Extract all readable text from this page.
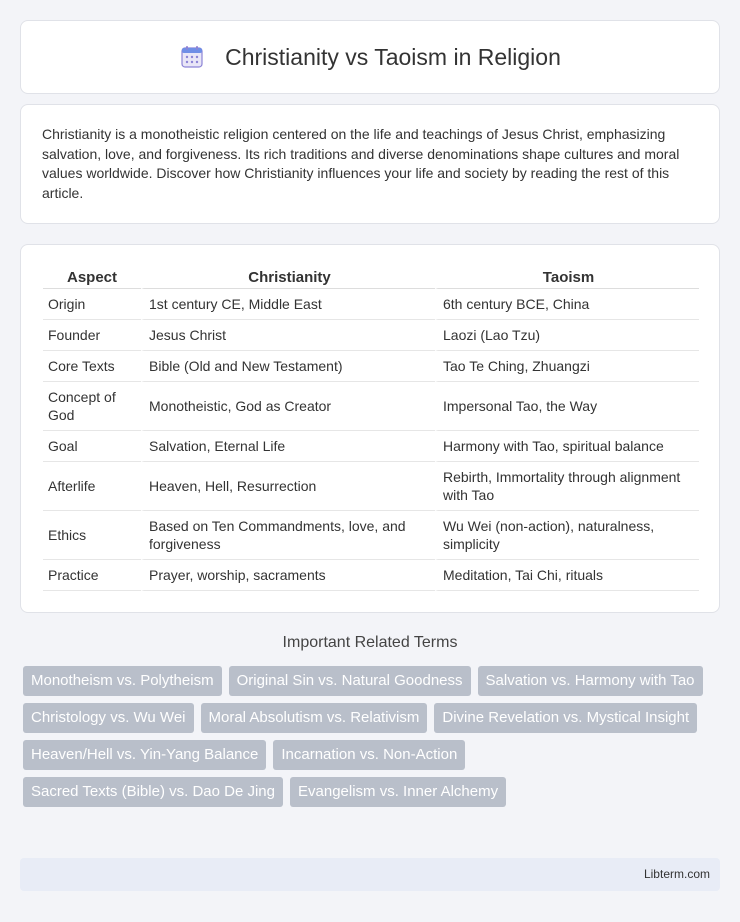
Christianity vs Taoism in Religion

Christianity is a monotheistic religion centered on the life and teachings of Jesus Christ, emphasizing salvation, love, and forgiveness. Its rich traditions and diverse denominations shape cultures and moral values worldwide. Discover how Christianity influences your life and society by reading the rest of this article.

Aspect	Christianity	Taoism
Origin	1st century CE, Middle East	6th century BCE, China
Founder	Jesus Christ	Laozi (Lao Tzu)
Core Texts	Bible (Old and New Testament)	Tao Te Ching, Zhuangzi
Concept of God	Monotheistic, God as Creator	Impersonal Tao, the Way
Goal	Salvation, Eternal Life	Harmony with Tao, spiritual balance
Afterlife	Heaven, Hell, Resurrection	Rebirth, Immortality through alignment with Tao
Ethics	Based on Ten Commandments, love, and forgiveness	Wu Wei (non-action), naturalness, simplicity
Practice	Prayer, worship, sacraments	Meditation, Tai Chi, rituals
Important Related Terms
Monotheism vs. Polytheism	Original Sin vs. Natural Goodness	Salvation vs. Harmony with Tao
Christology vs. Wu Wei	Moral Absolutism vs. Relativism	Divine Revelation vs. Mystical Insight
Heaven/Hell vs. Yin-Yang Balance	Incarnation vs. Non-Action
Sacred Texts (Bible) vs. Dao De Jing	Evangelism vs. Inner Alchemy
Libterm.com
